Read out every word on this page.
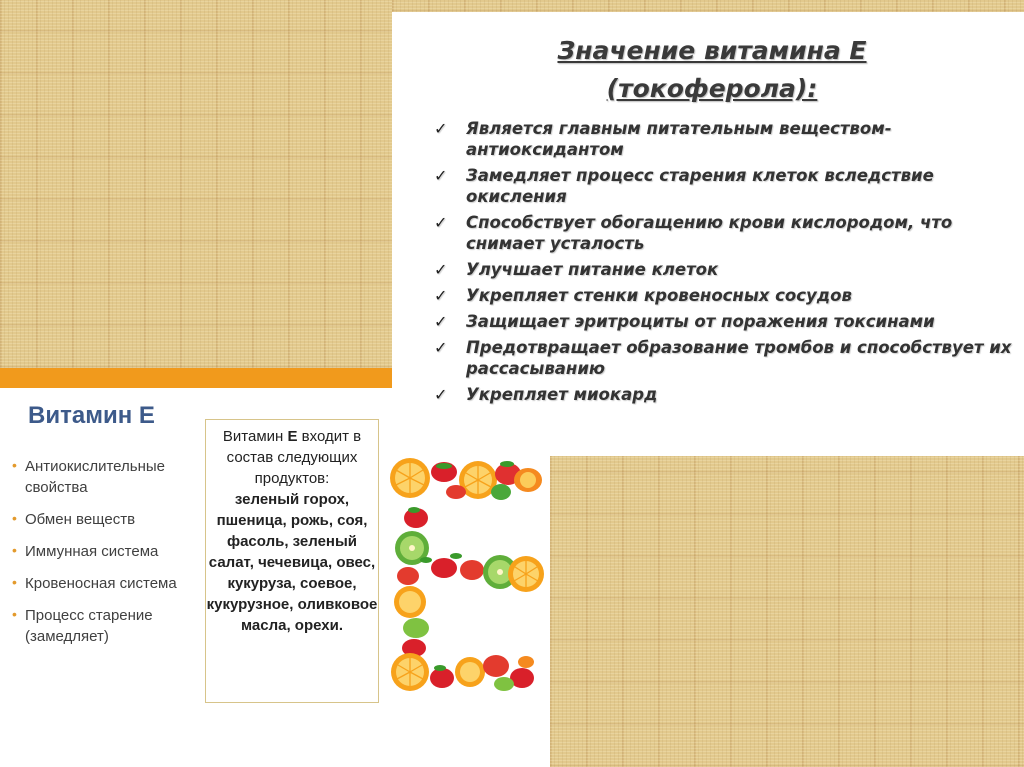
Значение витамина Е
(токоферола):
✓ Является главным питательным веществом-антиоксидантом
✓ Замедляет процесс старения клеток вследствие окисления
✓ Способствует обогащению крови кислородом, что снимает усталость
✓ Улучшает питание клеток
✓ Укрепляет стенки кровеносных сосудов
✓ Защищает эритроциты от поражения токсинами
✓ Предотвращает образование тромбов и способствует их рассасыванию
✓ Укрепляет миокард
Витамин Е
• Антиокислительные свойства
• Обмен веществ
• Иммунная система
• Кровеносная система
• Процесс старение (замедляет)
Витамин Е входит в состав следующих продуктов:
зеленый горох, пшеница, рожь, соя, фасоль, зеленый салат, чечевица, овес, кукуруза, соевое, кукурузное, оливковое масла, орехи.
